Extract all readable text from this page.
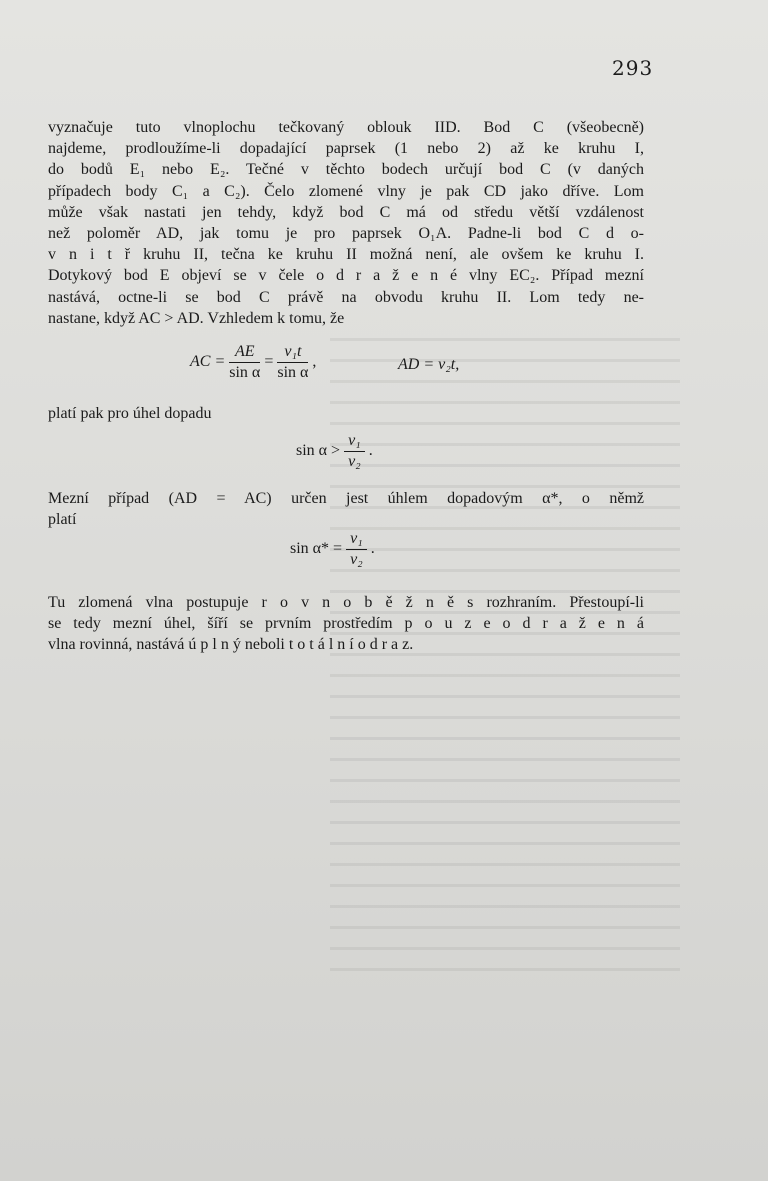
293
vyznačuje tuto vlnoplochu tečkovaný oblouk IID. Bod C (všeobecně)
najdeme, prodloužíme-li dopadající paprsek (1 nebo 2) až ke kruhu I,
do bodů E₁ nebo E₂. Tečné v těchto bodech určují bod C (v daných
případech body C₁ a C₂). Čelo zlomené vlny je pak CD jako dříve. Lom
může však nastati jen tehdy, když bod C má od středu větší vzdálenost
než poloměr AD, jak tomu je pro paprsek O₁A. Padne-li bod C d o-
v n i t ř kruhu II, tečna ke kruhu II možná není, ale ovšem ke kruhu I.
Dotykový bod E objeví se v čele o d r a ž e n é vlny EC₂. Případ mezní
nastává, octne-li se bod C právě na obvodu kruhu II. Lom tedy ne-
nastane, když AC > AD. Vzhledem k tomu, že
AC = $\frac{AE}{\text{sin α}} = \frac{\text{v₁t}}{\text{sin α}}$ ,	AD = v₂t,
platí pak pro úhel dopadu
$\sin \alpha > \frac{\text{v₁}}{\text{v₂}}$ .
Mezní případ (AD = AC) určen jest úhlem dopadovým α*, o němž
platí
$\sin \alpha* = \frac{\text{v₁}}{\text{v₂}}$ .
Tu zlomená vlna postupuje r o v n o b ě ž n ě s rozhraním. Přestoupí-li
se tedy mezní úhel, šíří se prvním prostředím p o u z e o d r a ž e n á
vlna rovinná, nastává ú p l n ý neboli t o t á l n í o d r a z.
